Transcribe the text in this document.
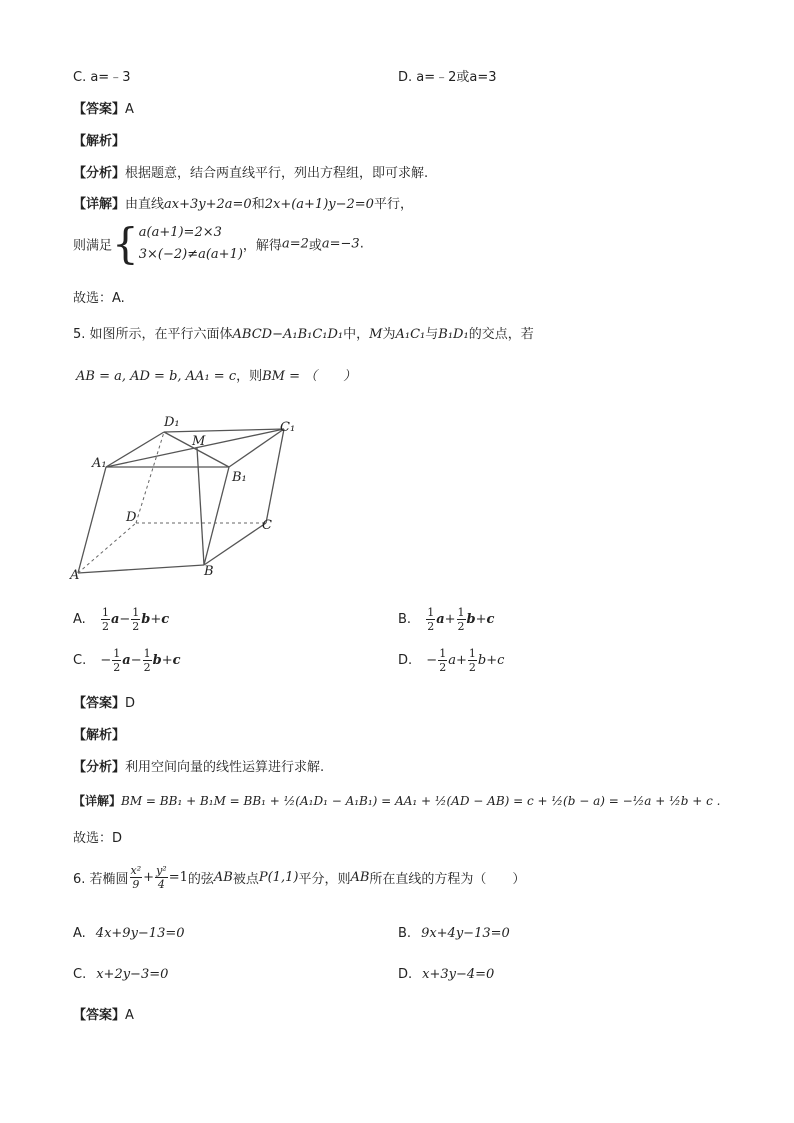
C. a=﹣3	D. a=﹣2或a=3
【答案】A
【解析】
【分析】根据题意，结合两直线平行，列出方程组，即可求解.
【详解】由直线ax+3y+2a=0和2x+(a+1)y−2=0平行，
则满足{ a(a+1)=2×3
3×(−2)≠a(a+1)
，解得a=2或a=−3.
故选：A.
5. 如图所示，在平行六面体ABCD−A₁B₁C₁D₁中，M为A₁C₁与B₁D₁的交点，若
AB = a, AD = b, AA₁ = c，则BM = （　　）
D₁
M
C₁
A₁
B₁
D
C
A	B
A. $\frac{1}{2} a- \frac{1}{2} b+c$	B. $\frac{1}{2} a+ \frac{1}{2} b+c$
C. − $\frac{1}{2} a- \frac{1}{2} b+c$	D. − $\frac{1}{2} a+ \frac{1}{2} b+c$
【答案】D
【解析】
【分析】利用空间向量的线性运算进行求解.
【详解】BM = BB₁ + B₁M = BB₁ + ½(A₁D₁ − A₁B₁) = AA₁ + ½(AD − AB) = c + ½(b − a) = −½a + ½b + c .
故选：D
6. 若椭圆 $\frac{\text{x²}}{9} + \frac{\text{y²}}{4} =1$的弦AB被点P(1,1)平分，则AB所在直线的方程为（　　）
A. 4x+9y−13=0	B. 9x+4y−13=0
C. x+2y−3=0	D. x+3y−4=0
【答案】A
